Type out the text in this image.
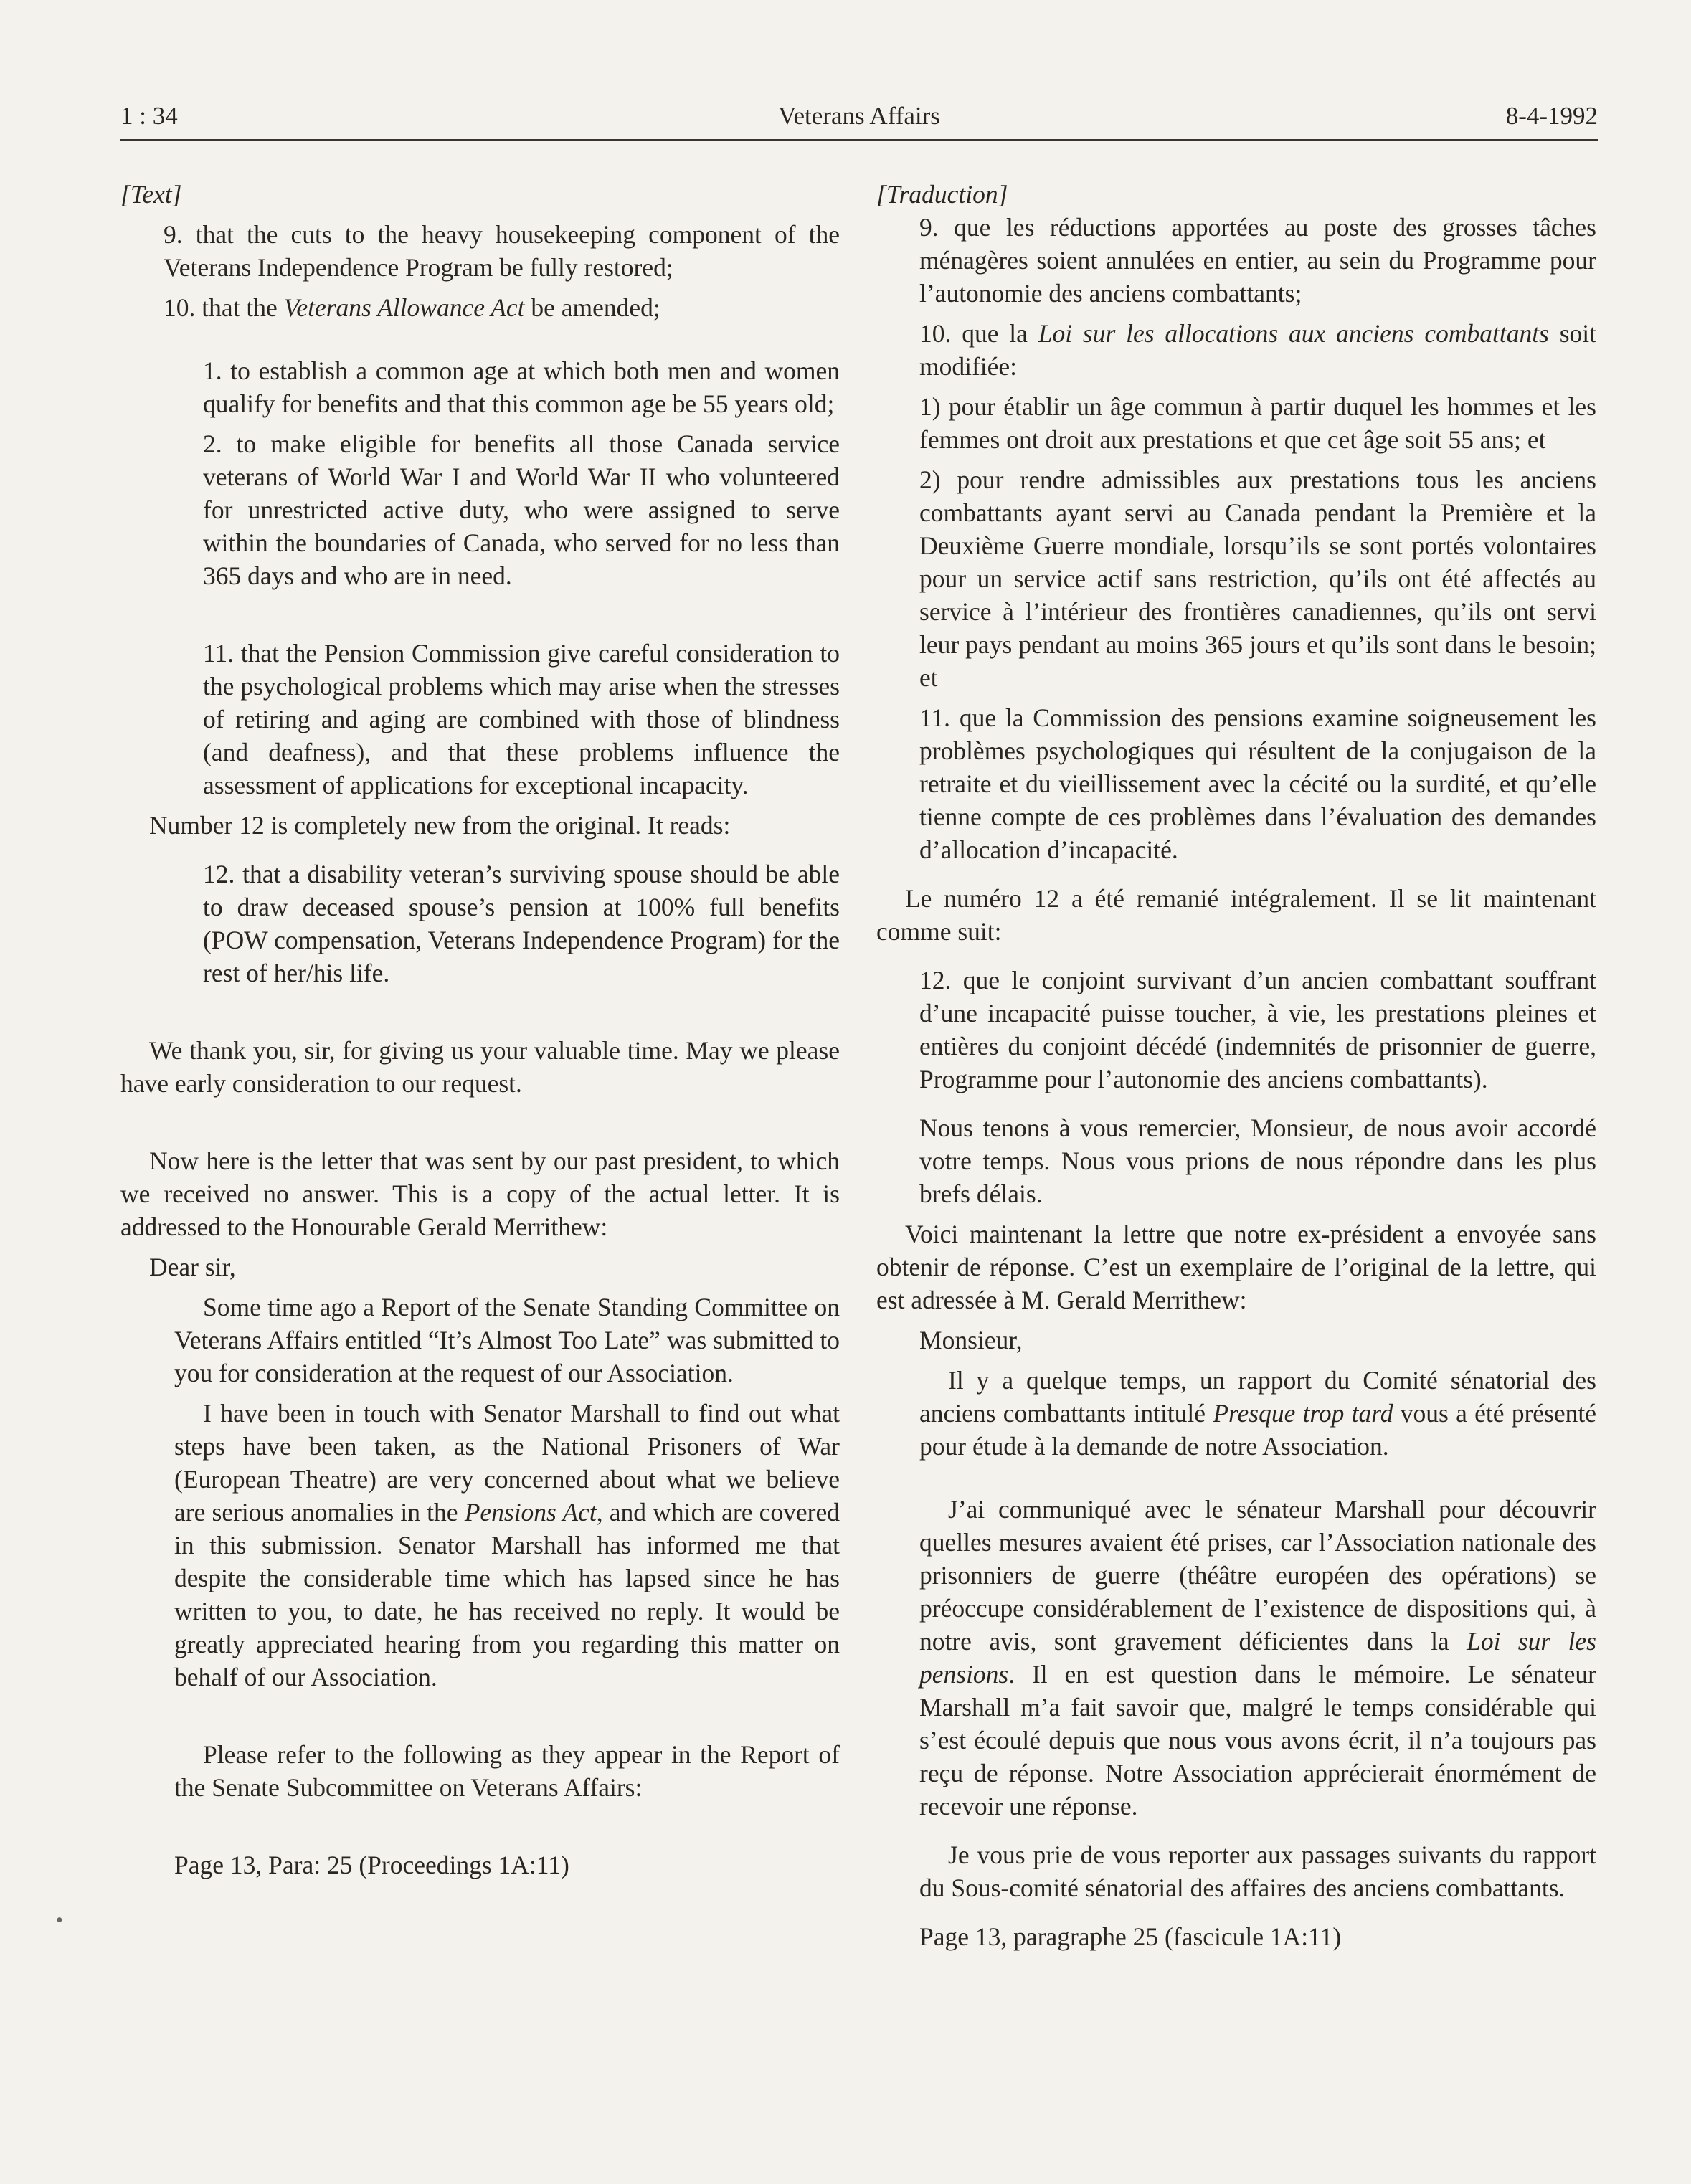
1 : 34	Veterans Affairs	8-4-1992

[Text]

9. that the cuts to the heavy housekeeping component of the Veterans Independence Program be fully restored;

10. that the Veterans Allowance Act be amended;

1. to establish a common age at which both men and women qualify for benefits and that this common age be 55 years old;

2. to make eligible for benefits all those Canada service veterans of World War I and World War II who volunteered for unrestricted active duty, who were assigned to serve within the boundaries of Canada, who served for no less than 365 days and who are in need.

11. that the Pension Commission give careful consideration to the psychological problems which may arise when the stresses of retiring and aging are combined with those of blindness (and deafness), and that these problems influence the assessment of applications for exceptional incapacity.

Number 12 is completely new from the original. It reads:

12. that a disability veteran’s surviving spouse should be able to draw deceased spouse’s pension at 100% full benefits (POW compensation, Veterans Independence Program) for the rest of her/his life.

We thank you, sir, for giving us your valuable time. May we please have early consideration to our request.

Now here is the letter that was sent by our past president, to which we received no answer. This is a copy of the actual letter. It is addressed to the Honourable Gerald Merrithew:

Dear sir,

Some time ago a Report of the Senate Standing Committee on Veterans Affairs entitled “It’s Almost Too Late” was submitted to you for consideration at the request of our Association.

I have been in touch with Senator Marshall to find out what steps have been taken, as the National Prisoners of War (European Theatre) are very concerned about what we believe are serious anomalies in the Pensions Act, and which are covered in this submission. Senator Marshall has informed me that despite the considerable time which has lapsed since he has written to you, to date, he has received no reply. It would be greatly appreciated hearing from you regarding this matter on behalf of our Association.

Please refer to the following as they appear in the Report of the Senate Subcommittee on Veterans Affairs:

Page 13, Para: 25 (Proceedings 1A:11)

[Traduction]

9. que les réductions apportées au poste des grosses tâches ménagères soient annulées en entier, au sein du Programme pour l’autonomie des anciens combattants;

10. que la Loi sur les allocations aux anciens combattants soit modifiée:

1) pour établir un âge commun à partir duquel les hommes et les femmes ont droit aux prestations et que cet âge soit 55 ans; et

2) pour rendre admissibles aux prestations tous les anciens combattants ayant servi au Canada pendant la Première et la Deuxième Guerre mondiale, lorsqu’ils se sont portés volontaires pour un service actif sans restriction, qu’ils ont été affectés au service à l’intérieur des frontières canadiennes, qu’ils ont servi leur pays pendant au moins 365 jours et qu’ils sont dans le besoin; et

11. que la Commission des pensions examine soigneusement les problèmes psychologiques qui résultent de la conjugaison de la retraite et du vieillissement avec la cécité ou la surdité, et qu’elle tienne compte de ces problèmes dans l’évaluation des demandes d’allocation d’incapacité.

Le numéro 12 a été remanié intégralement. Il se lit maintenant comme suit:

12. que le conjoint survivant d’un ancien combattant souffrant d’une incapacité puisse toucher, à vie, les prestations pleines et entières du conjoint décédé (indemnités de prisonnier de guerre, Programme pour l’autonomie des anciens combattants).

Nous tenons à vous remercier, Monsieur, de nous avoir accordé votre temps. Nous vous prions de nous répondre dans les plus brefs délais.

Voici maintenant la lettre que notre ex-président a envoyée sans obtenir de réponse. C’est un exemplaire de l’original de la lettre, qui est adressée à M. Gerald Merrithew:

Monsieur,

Il y a quelque temps, un rapport du Comité sénatorial des anciens combattants intitulé Presque trop tard vous a été présenté pour étude à la demande de notre Association.

J’ai communiqué avec le sénateur Marshall pour découvrir quelles mesures avaient été prises, car l’Association nationale des prisonniers de guerre (théâtre européen des opérations) se préoccupe considérablement de l’existence de dispositions qui, à notre avis, sont gravement déficientes dans la Loi sur les pensions. Il en est question dans le mémoire. Le sénateur Marshall m’a fait savoir que, malgré le temps considérable qui s’est écoulé depuis que nous vous avons écrit, il n’a toujours pas reçu de réponse. Notre Association apprécierait énormément de recevoir une réponse.

Je vous prie de vous reporter aux passages suivants du rapport du Sous-comité sénatorial des affaires des anciens combattants.

Page 13, paragraphe 25 (fascicule 1A:11)

•
